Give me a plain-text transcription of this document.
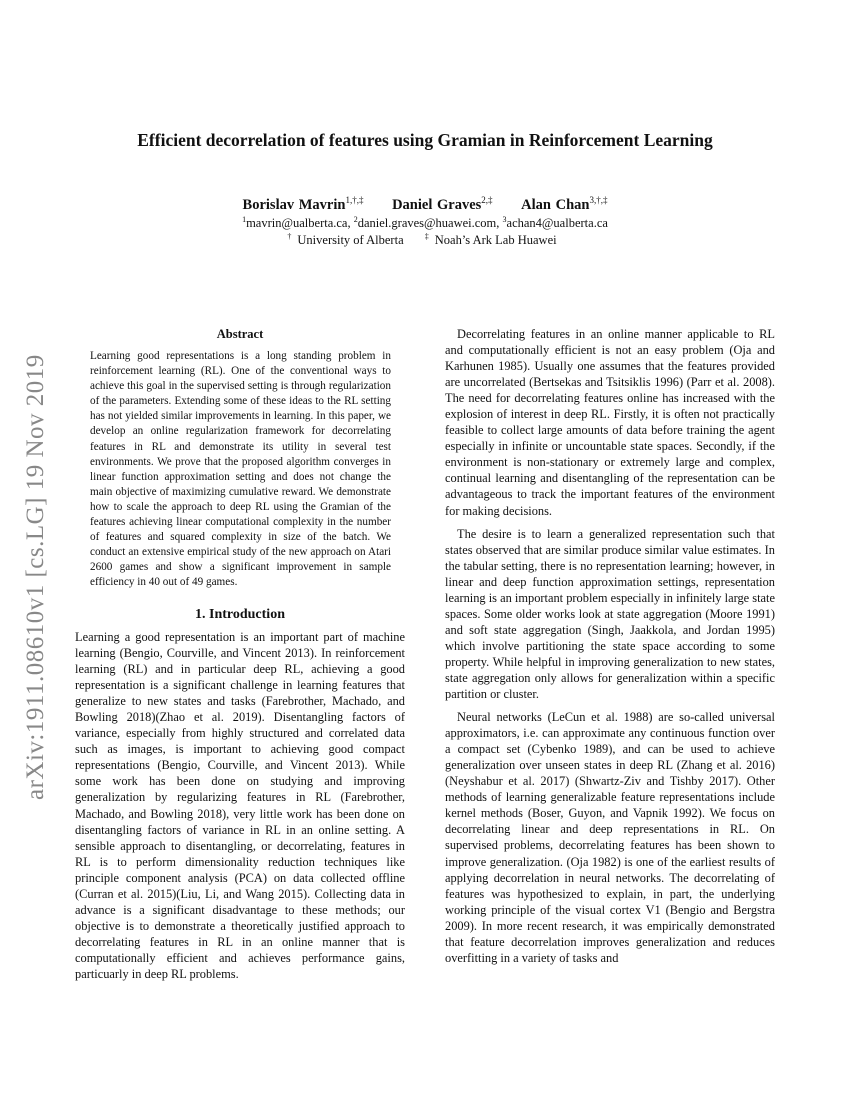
arXiv:1911.08610v1 [cs.LG] 19 Nov 2019
Efficient decorrelation of features using Gramian in Reinforcement Learning
Borislav Mavrin$^{1,\dagger,\ddagger}$ Daniel Graves$^{2,\ddagger}$ Alan Chan$^{3,\dagger,\ddagger}$
$^1$mavrin@ualberta.ca, $^2$daniel.graves@huawei.com, $^3$achan4@ualberta.ca
† University of Alberta	‡ Noah’s Ark Lab Huawei
Abstract
Learning good representations is a long standing problem in reinforcement learning (RL). One of the conventional ways to achieve this goal in the supervised setting is through regularization of the parameters. Extending some of these ideas to the RL setting has not yielded similar improvements in learning. In this paper, we develop an online regularization framework for decorrelating features in RL and demonstrate its utility in several test environments. We prove that the proposed algorithm converges in linear function approximation setting and does not change the main objective of maximizing cumulative reward. We demonstrate how to scale the approach to deep RL using the Gramian of the features achieving linear computational complexity in the number of features and squared complexity in size of the batch. We conduct an extensive empirical study of the new approach on Atari 2600 games and show a significant improvement in sample efficiency in 40 out of 49 games.
1. Introduction

Learning a good representation is an important part of machine learning (Bengio, Courville, and Vincent 2013). In reinforcement learning (RL) and in particular deep RL, achieving a good representation is a significant challenge in learning features that generalize to new states and tasks (Farebrother, Machado, and Bowling 2018)(Zhao et al. 2019). Disentangling factors of variance, especially from highly structured and correlated data such as images, is important to achieving good compact representations (Bengio, Courville, and Vincent 2013). While some work has been done on studying and improving generalization by regularizing features in RL (Farebrother, Machado, and Bowling 2018), very little work has been done on disentangling factors of variance in RL in an online setting. A sensible approach to disentangling, or decorrelating, features in RL is to perform dimensionality reduction techniques like principle component analysis (PCA) on data collected offline (Curran et al. 2015)(Liu, Li, and Wang 2015). Collecting data in advance is a significant disadvantage to these methods; our objective is to demonstrate a theoretically justified approach to decorrelating features in RL in an online manner that is computationally efficient and achieves performance gains, particuarly in deep RL problems.

Decorrelating features in an online manner applicable to RL and computationally efficient is not an easy problem (Oja and Karhunen 1985). Usually one assumes that the features provided are uncorrelated (Bertsekas and Tsitsiklis 1996) (Parr et al. 2008). The need for decorrelating features online has increased with the explosion of interest in deep RL. Firstly, it is often not practically feasible to collect large amounts of data before training the agent especially in infinite or uncountable state spaces. Secondly, if the environment is non-stationary or extremely large and complex, continual learning and disentangling of the representation can be advantageous to track the important features of the environment for making decisions.

The desire is to learn a generalized representation such that states observed that are similar produce similar value estimates. In the tabular setting, there is no representation learning; however, in linear and deep function approximation settings, representation learning is an important problem especially in infinitely large state spaces. Some older works look at state aggregation (Moore 1991) and soft state aggregation (Singh, Jaakkola, and Jordan 1995) which involve partitioning the state space according to some property. While helpful in improving generalization to new states, state aggregation only allows for generalization within a specific partition or cluster.

Neural networks (LeCun et al. 1988) are so-called universal approximators, i.e. can approximate any continuous function over a compact set (Cybenko 1989), and can be used to achieve generalization over unseen states in deep RL (Zhang et al. 2016) (Neyshabur et al. 2017) (Shwartz-Ziv and Tishby 2017). Other methods of learning generalizable feature representations include kernel methods (Boser, Guyon, and Vapnik 1992). We focus on decorrelating linear and deep representations in RL. On supervised problems, decorrelating features has been shown to improve generalization. (Oja 1982) is one of the earliest results of applying decorrelation in neural networks. The decorrelating of features was hypothesized to explain, in part, the underlying working principle of the visual cortex V1 (Bengio and Bergstra 2009). In more recent research, it was empirically demonstrated that feature decorrelation improves generalization and reduces overfitting in a variety of tasks and
